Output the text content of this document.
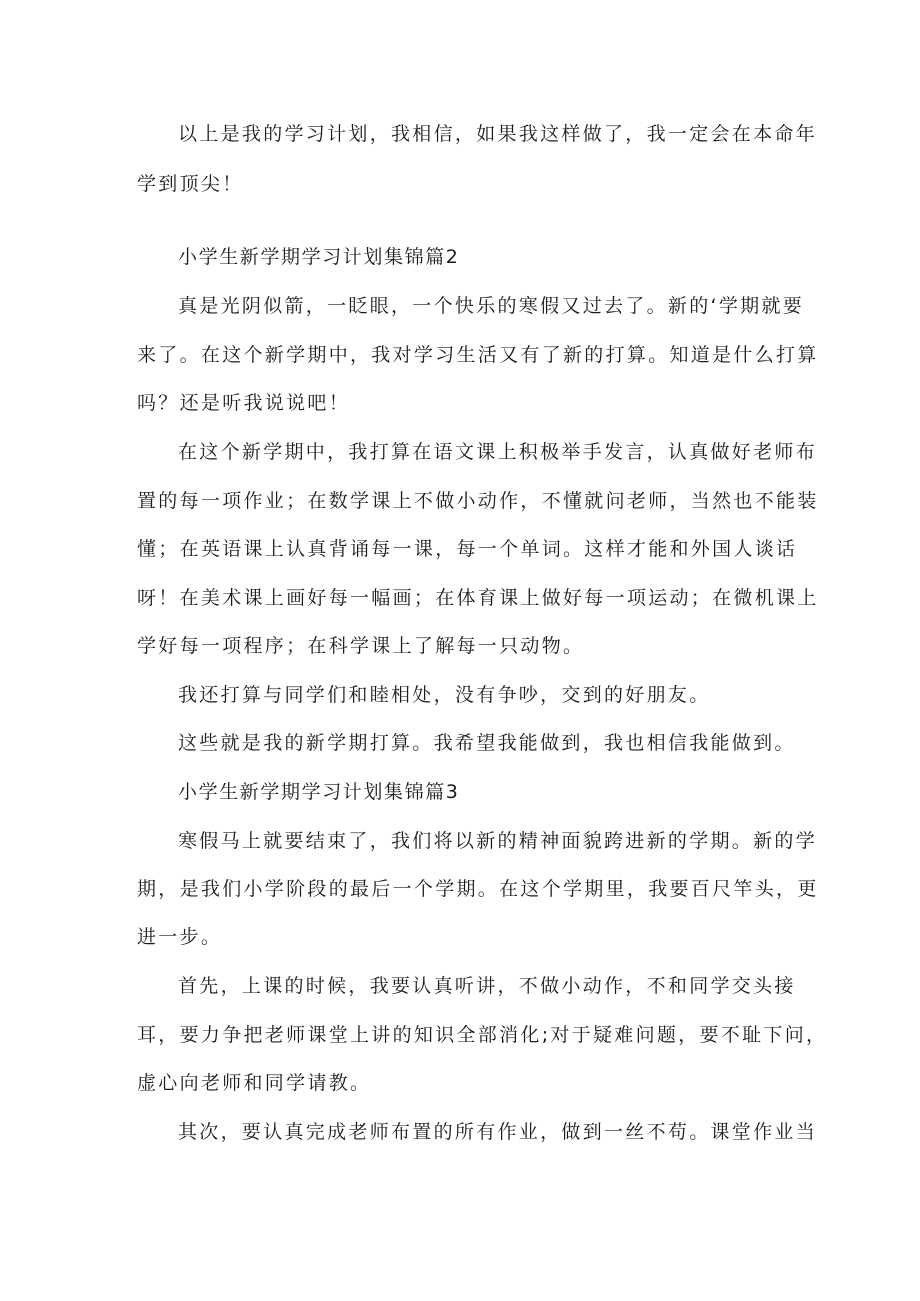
以上是我的学习计划，我相信，如果我这样做了，我一定会在本命年
学到顶尖！
小学生新学期学习计划集锦篇2
真是光阴似箭，一眨眼，一个快乐的寒假又过去了。新的‘学期就要
来了。在这个新学期中，我对学习生活又有了新的打算。知道是什么打算
吗？还是听我说说吧！
在这个新学期中，我打算在语文课上积极举手发言，认真做好老师布
置的每一项作业；在数学课上不做小动作，不懂就问老师，当然也不能装
懂；在英语课上认真背诵每一课，每一个单词。这样才能和外国人谈话
呀！在美术课上画好每一幅画；在体育课上做好每一项运动；在微机课上
学好每一项程序；在科学课上了解每一只动物。
我还打算与同学们和睦相处，没有争吵，交到的好朋友。
这些就是我的新学期打算。我希望我能做到，我也相信我能做到。
小学生新学期学习计划集锦篇3
寒假马上就要结束了，我们将以新的精神面貌跨进新的学期。新的学
期，是我们小学阶段的最后一个学期。在这个学期里，我要百尺竿头，更
进一步。
首先，上课的时候，我要认真听讲，不做小动作，不和同学交头接
耳，要力争把老师课堂上讲的知识全部消化;对于疑难问题，要不耻下问，
虚心向老师和同学请教。
其次，要认真完成老师布置的所有作业，做到一丝不苟。课堂作业当
